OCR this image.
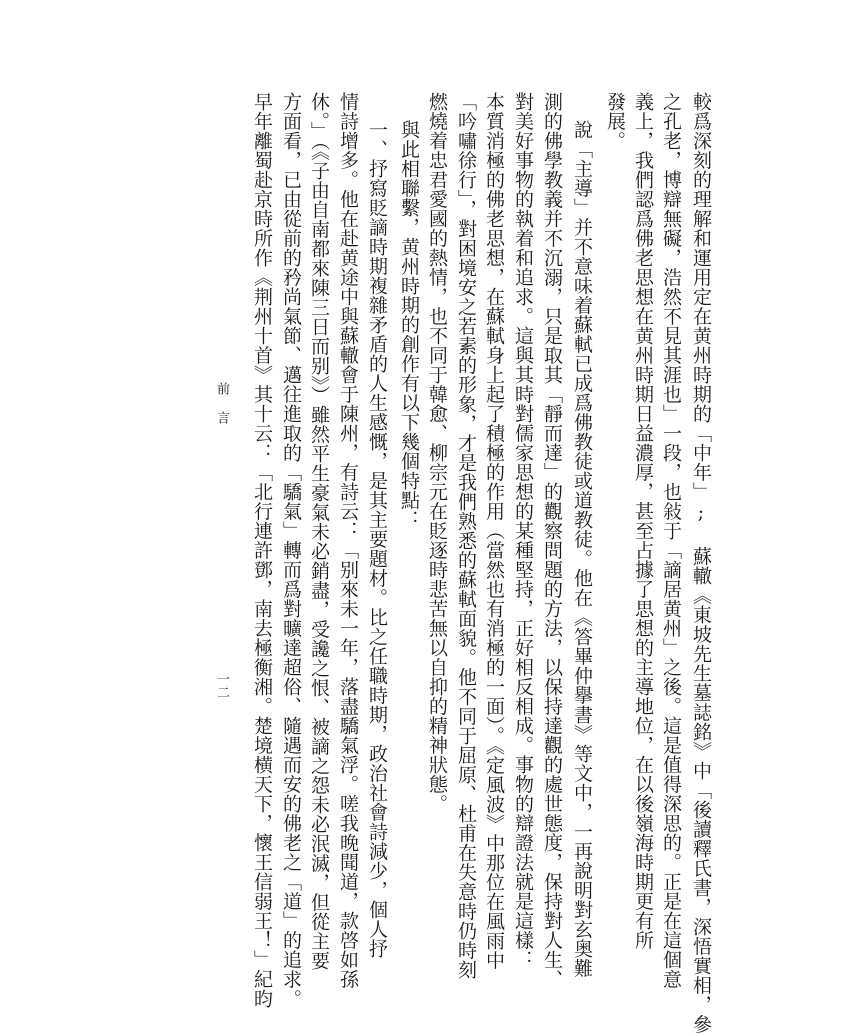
較爲深刻的理解和運用定在黄州時期的「中年」; 蘇轍《東坡先生墓誌銘》中「後讀釋氏書，深悟實相，參
之孔老，博辯無礙，浩然不見其涯也」一段，也敍于「謫居黄州」之後。這是值得深思的。正是在這個意
義上，我們認爲佛老思想在黄州時期日益濃厚，甚至占據了思想的主導地位，在以後嶺海時期更有所
發展。
說「主導」并不意味着蘇軾已成爲佛教徒或道教徒。他在《答畢仲擧書》等文中，一再說明對玄奥難
測的佛學教義并不沉溺，只是取其「靜而達」的觀察問題的方法，以保持達觀的處世態度，保持對人生、
對美好事物的執着和追求。這與其時對儒家思想的某種堅持，正好相反相成。事物的辯證法就是這樣：
本質消極的佛老思想，在蘇軾身上起了積極的作用（當然也有消極的一面）。《定風波》中那位在風雨中
「吟嘯徐行」，對困境安之若素的形象，才是我們熟悉的蘇軾面貌。他不同于屈原、杜甫在失意時仍時刻
燃燒着忠君愛國的熱情，也不同于韓愈、柳宗元在貶逐時悲苦無以自抑的精神狀態。
與此相聯繫，黄州時期的創作有以下幾個特點：
一、抒寫貶謫時期複雜矛盾的人生感慨，是其主要題材。比之任職時期，政治社會詩減少，個人抒
情詩增多。他在赴黄途中與蘇轍會于陳州，有詩云：「别來未一年，落盡驕氣浮。嗟我晚聞道，款啓如孫
休。」（《子由自南都來陳三日而别》）雖然平生豪氣未必銷盡，受讒之恨、被謫之怨未必泯滅，但從主要
方面看，已由從前的矜尚氣節、邁往進取的「驕氣」轉而爲對曠達超俗、隨遇而安的佛老之「道」的追求。
早年離蜀赴京時所作《荆州十首》其十云：「北行連許鄧，南去極衡湘。楚境横天下，懷王信弱王！」紀昀
前 言
一二
